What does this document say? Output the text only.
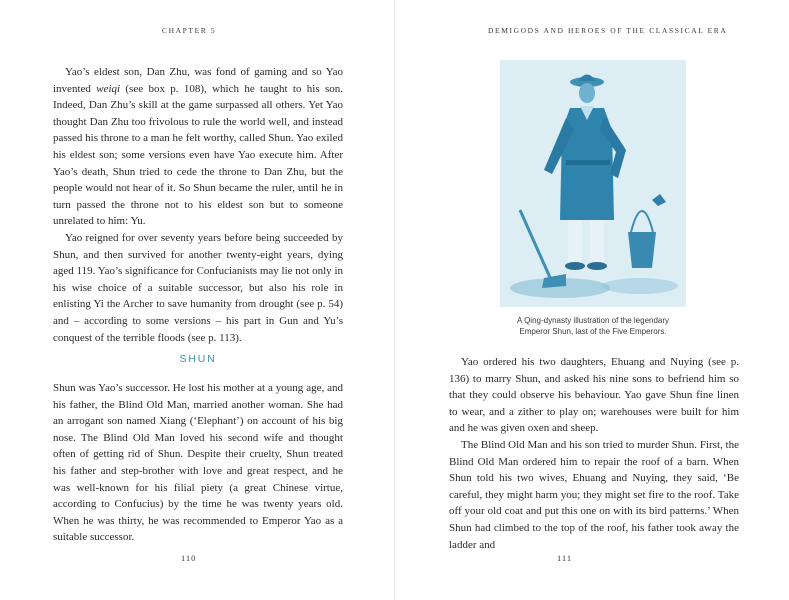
CHAPTER 5

Yao’s eldest son, Dan Zhu, was fond of gaming and so Yao invented weiqi (see box p. 108), which he taught to his son. Indeed, Dan Zhu’s skill at the game surpassed all others. Yet Yao thought Dan Zhu too frivolous to rule the world well, and instead passed his throne to a man he felt worthy, called Shun. Yao exiled his eldest son; some versions even have Yao execute him. After Yao’s death, Shun tried to cede the throne to Dan Zhu, but the people would not hear of it. So Shun became the ruler, until he in turn passed the throne not to his eldest son but to someone unrelated to him: Yu.

Yao reigned for over seventy years before being succeeded by Shun, and then survived for another twenty-eight years, dying aged 119. Yao’s significance for Confucianists may lie not only in his wise choice of a suitable successor, but also his role in enlisting Yi the Archer to save humanity from drought (see p. 54) and – according to some versions – his part in Gun and Yu’s conquest of the terrible floods (see p. 113).

SHUN

Shun was Yao’s successor. He lost his mother at a young age, and his father, the Blind Old Man, married another woman. She had an arrogant son named Xiang (‘Elephant’) on account of his big nose. The Blind Old Man loved his second wife and thought often of getting rid of Shun. Despite their cruelty, Shun treated his father and step-brother with love and great respect, and he was well-known for his filial piety (a great Chinese virtue, according to Confucius) by the time he was twenty years old. When he was thirty, he was recommended to Emperor Yao as a suitable successor.

110
DEMIGODS AND HEROES OF THE CLASSICAL ERA
A Qing-dynasty illustration of the legendary
Emperor Shun, last of the Five Emperors.

Yao ordered his two daughters, Ehuang and Nuying (see p. 136) to marry Shun, and asked his nine sons to befriend him so that they could observe his behaviour. Yao gave Shun fine linen to wear, and a zither to play on; warehouses were built for him and he was given oxen and sheep.

The Blind Old Man and his son tried to murder Shun. First, the Blind Old Man ordered him to repair the roof of a barn. When Shun told his two wives, Ehuang and Nuying, they said, ‘Be careful, they might harm you; they might set fire to the roof. Take off your old coat and put this one on with its bird patterns.’ When Shun had climbed to the top of the roof, his father took away the ladder and

111
